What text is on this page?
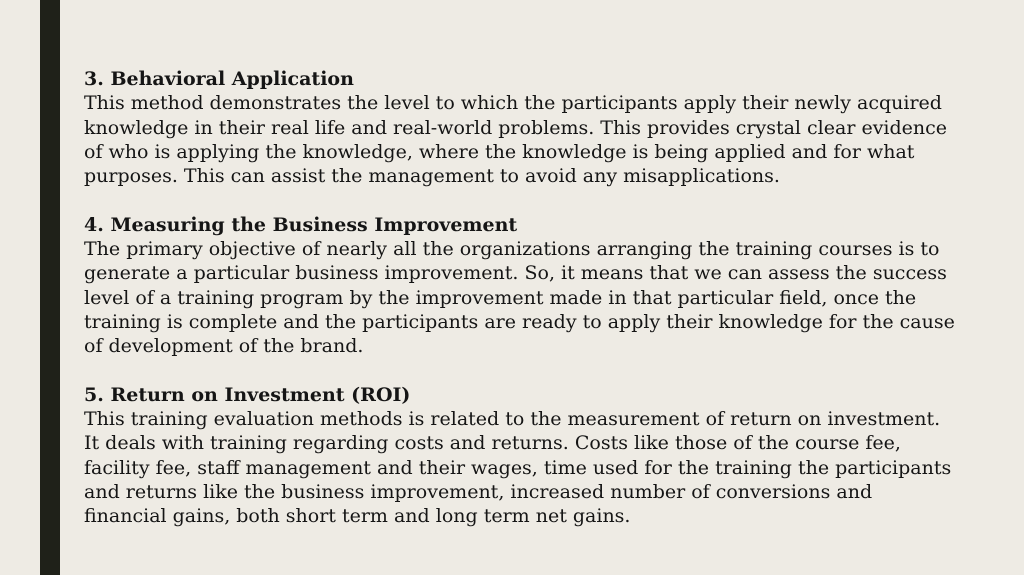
3. Behavioral Application
This method demonstrates the level to which the participants apply their newly acquired
knowledge in their real life and real-world problems. This provides crystal clear evidence
of who is applying the knowledge, where the knowledge is being applied and for what
purposes. This can assist the management to avoid any misapplications.
4. Measuring the Business Improvement
The primary objective of nearly all the organizations arranging the training courses is to
generate a particular business improvement. So, it means that we can assess the success
level of a training program by the improvement made in that particular field, once the
training is complete and the participants are ready to apply their knowledge for the cause
of development of the brand.
5. Return on Investment (ROI)
This training evaluation methods is related to the measurement of return on investment.
It deals with training regarding costs and returns. Costs like those of the course fee,
facility fee, staff management and their wages, time used for the training the participants
and returns like the business improvement, increased number of conversions and
financial gains, both short term and long term net gains.
